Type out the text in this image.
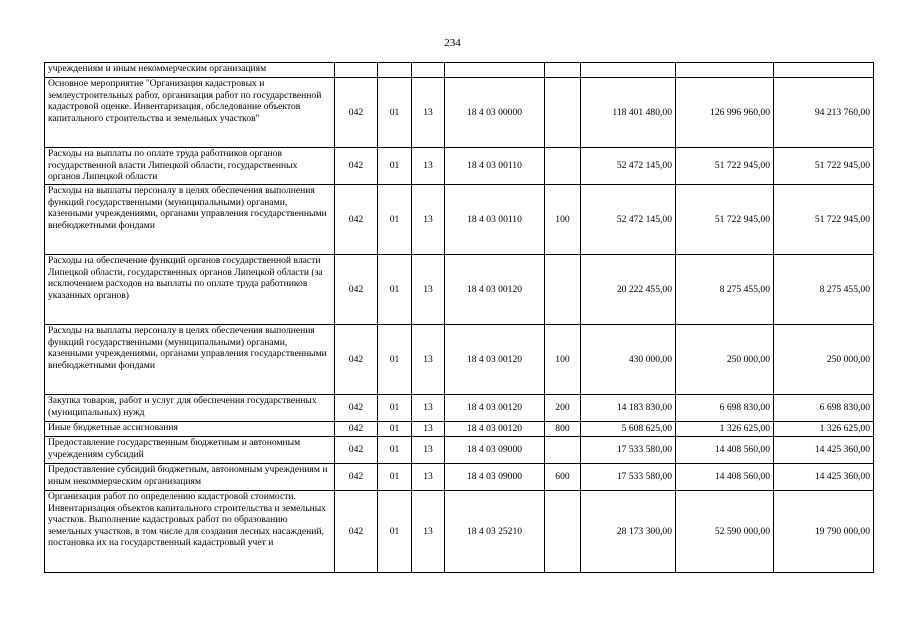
234
учреждениям и иным некоммерческим организациям								
Основное мероприятие "Организация кадастровых и землеустроительных работ, организация работ по государственной кадастровой оценке. Инвентаризация, обследование объектов капитального строительства и земельных участков"	042	01	13	18 4 03 00000		118 401 480,00	126 996 960,00	94 213 760,00
Расходы на выплаты по оплате труда работников органов государственной власти Липецкой области, государственных органов Липецкой области	042	01	13	18 4 03 00110		52 472 145,00	51 722 945,00	51 722 945,00
Расходы на выплаты персоналу в целях обеспечения выполнения функций государственными (муниципальными) органами, казенными учреждениями, органами управления государственными внебюджетными фондами	042	01	13	18 4 03 00110	100	52 472 145,00	51 722 945,00	51 722 945,00
Расходы на обеспечение функций органов государственной власти Липецкой области, государственных органов Липецкой области (за исключением расходов на выплаты по оплате труда работников указанных органов)	042	01	13	18 4 03 00120		20 222 455,00	8 275 455,00	8 275 455,00
Расходы на выплаты персоналу в целях обеспечения выполнения функций государственными (муниципальными) органами, казенными учреждениями, органами управления государственными внебюджетными фондами	042	01	13	18 4 03 00120	100	430 000,00	250 000,00	250 000,00
Закупка товаров, работ и услуг для обеспечения государственных (муниципальных) нужд	042	01	13	18 4 03 00120	200	14 183 830,00	6 698 830,00	6 698 830,00
Иные бюджетные ассигнования	042	01	13	18 4 03 00120	800	5 608 625,00	1 326 625,00	1 326 625,00
Предоставление государственным бюджетным и автономным учреждениям субсидий	042	01	13	18 4 03 09000		17 533 580,00	14 408 560,00	14 425 360,00
Предоставление субсидий бюджетным, автономным учреждениям и иным некоммерческим организациям	042	01	13	18 4 03 09000	600	17 533 580,00	14 408 560,00	14 425 360,00
Организация работ по определению кадастровой стоимости. Инвентаризация объектов капитального строительства и земельных участков. Выполнение кадастровых работ по образованию земельных участков, в том числе для создания лесных насаждений, постановка их на государственный кадастровый учет и	042	01	13	18 4 03 25210		28 173 300,00	52 590 000,00	19 790 000,00
